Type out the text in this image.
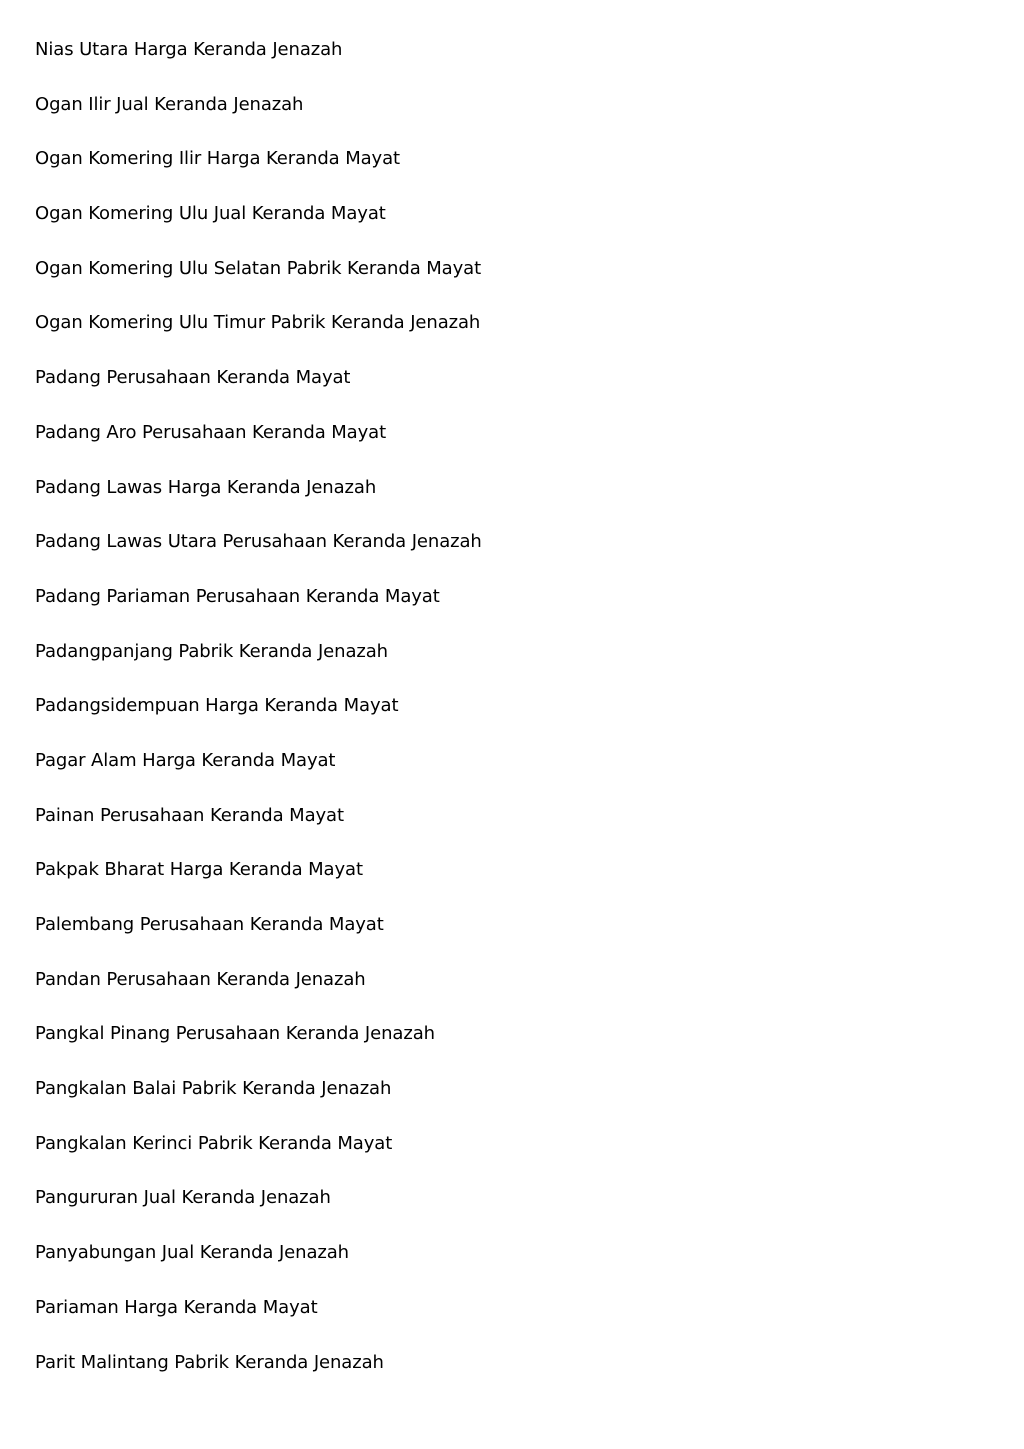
Nias Utara Harga Keranda Jenazah
Ogan Ilir Jual Keranda Jenazah
Ogan Komering Ilir Harga Keranda Mayat
Ogan Komering Ulu Jual Keranda Mayat
Ogan Komering Ulu Selatan Pabrik Keranda Mayat
Ogan Komering Ulu Timur Pabrik Keranda Jenazah
Padang Perusahaan Keranda Mayat
Padang Aro Perusahaan Keranda Mayat
Padang Lawas Harga Keranda Jenazah
Padang Lawas Utara Perusahaan Keranda Jenazah
Padang Pariaman Perusahaan Keranda Mayat
Padangpanjang Pabrik Keranda Jenazah
Padangsidempuan Harga Keranda Mayat
Pagar Alam Harga Keranda Mayat
Painan Perusahaan Keranda Mayat
Pakpak Bharat Harga Keranda Mayat
Palembang Perusahaan Keranda Mayat
Pandan Perusahaan Keranda Jenazah
Pangkal Pinang Perusahaan Keranda Jenazah
Pangkalan Balai Pabrik Keranda Jenazah
Pangkalan Kerinci Pabrik Keranda Mayat
Pangururan Jual Keranda Jenazah
Panyabungan Jual Keranda Jenazah
Pariaman Harga Keranda Mayat
Parit Malintang Pabrik Keranda Jenazah
